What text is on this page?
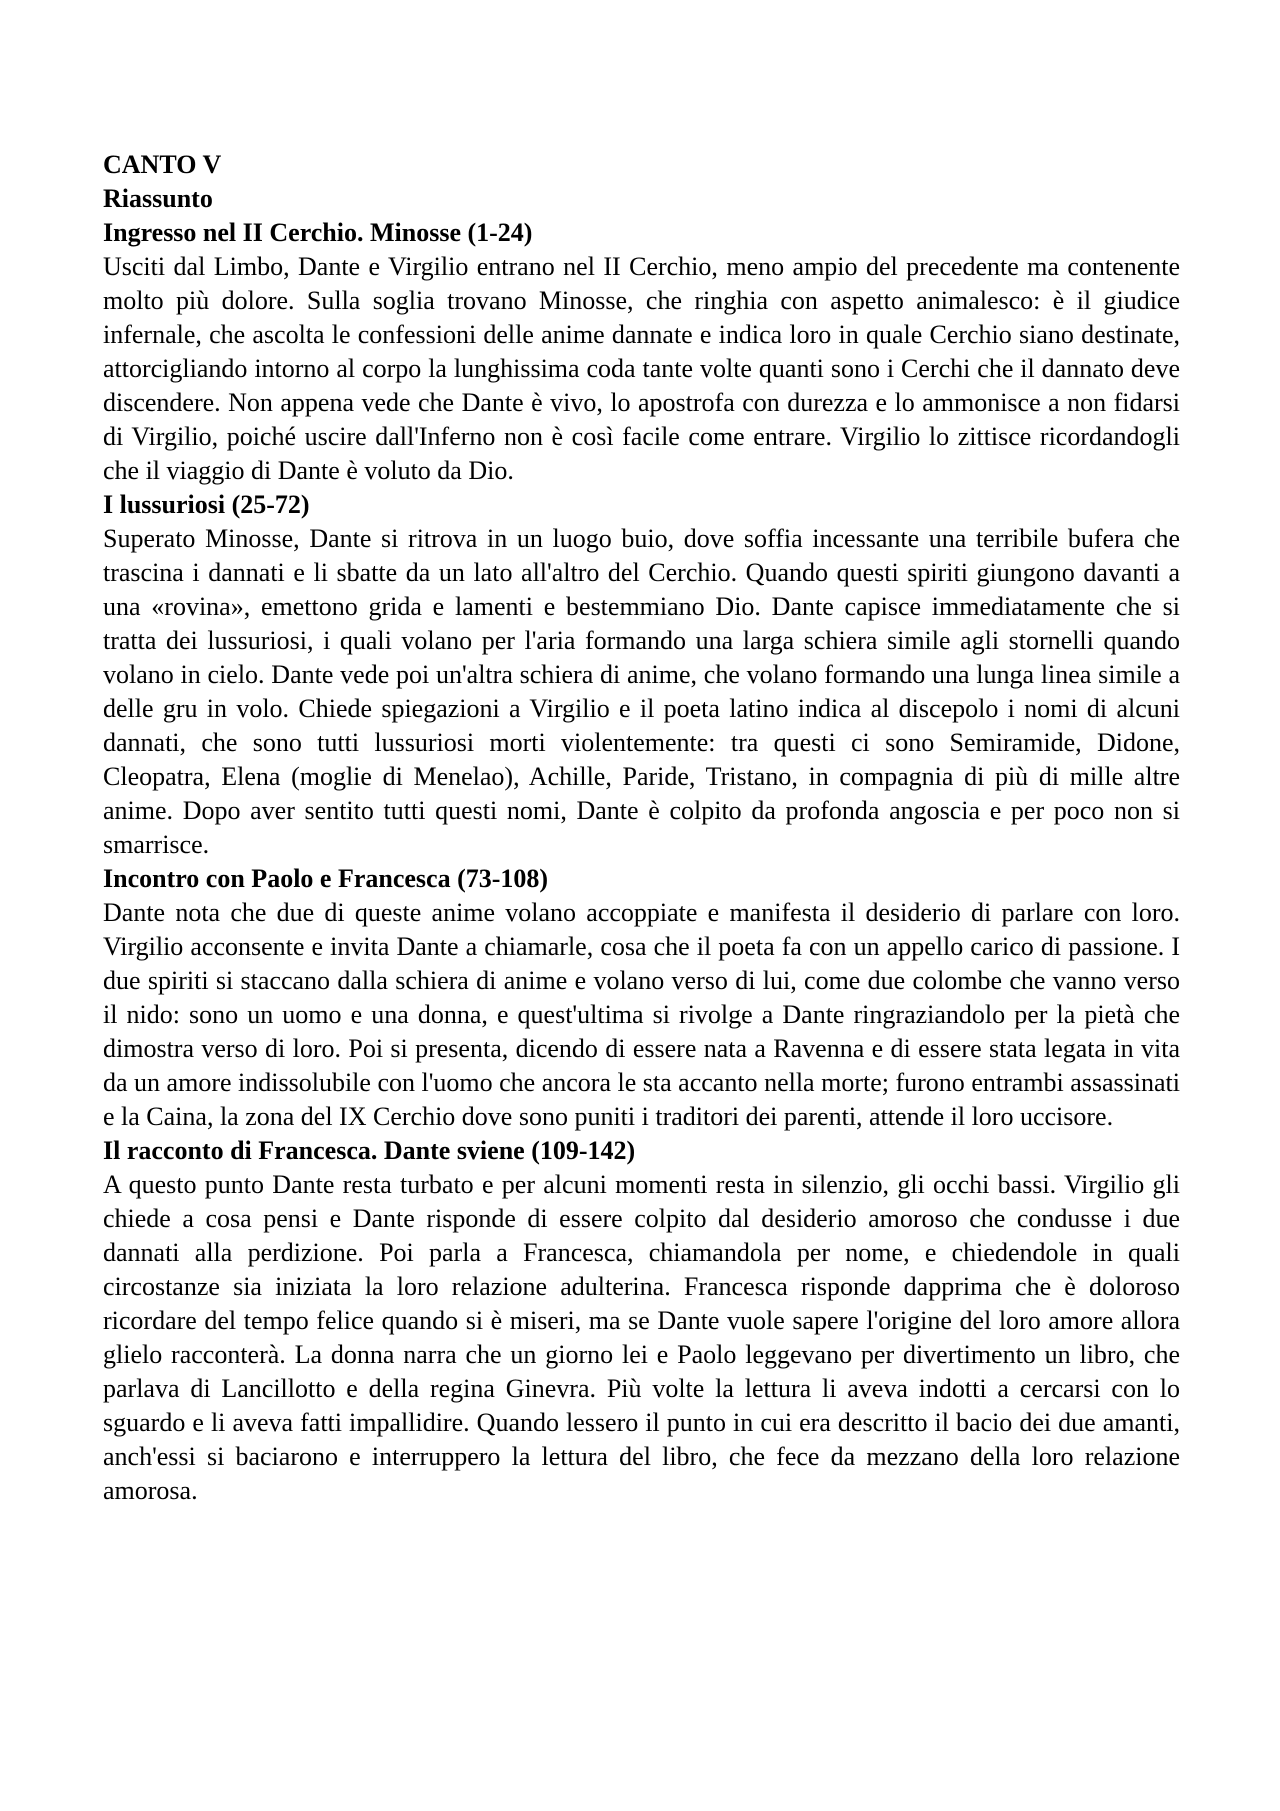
CANTO V
Riassunto
Ingresso nel II Cerchio. Minosse (1-24)

Usciti dal Limbo, Dante e Virgilio entrano nel II Cerchio, meno ampio del precedente ma contenente molto più dolore. Sulla soglia trovano Minosse, che ringhia con aspetto animalesco: è il giudice infernale, che ascolta le confessioni delle anime dannate e indica loro in quale Cerchio siano destinate, attorcigliando intorno al corpo la lunghissima coda tante volte quanti sono i Cerchi che il dannato deve discendere. Non appena vede che Dante è vivo, lo apostrofa con durezza e lo ammonisce a non fidarsi di Virgilio, poiché uscire dall'Inferno non è così facile come entrare. Virgilio lo zittisce ricordandogli che il viaggio di Dante è voluto da Dio.

I lussuriosi (25-72)

Superato Minosse, Dante si ritrova in un luogo buio, dove soffia incessante una terribile bufera che trascina i dannati e li sbatte da un lato all'altro del Cerchio. Quando questi spiriti giungono davanti a una «rovina», emettono grida e lamenti e bestemmiano Dio. Dante capisce immediatamente che si tratta dei lussuriosi, i quali volano per l'aria formando una larga schiera simile agli stornelli quando volano in cielo. Dante vede poi un'altra schiera di anime, che volano formando una lunga linea simile a delle gru in volo. Chiede spiegazioni a Virgilio e il poeta latino indica al discepolo i nomi di alcuni dannati, che sono tutti lussuriosi morti violentemente: tra questi ci sono Semiramide, Didone, Cleopatra, Elena (moglie di Menelao), Achille, Paride, Tristano, in compagnia di più di mille altre anime. Dopo aver sentito tutti questi nomi, Dante è colpito da profonda angoscia e per poco non si smarrisce.

Incontro con Paolo e Francesca (73-108)

Dante nota che due di queste anime volano accoppiate e manifesta il desiderio di parlare con loro. Virgilio acconsente e invita Dante a chiamarle, cosa che il poeta fa con un appello carico di passione. I due spiriti si staccano dalla schiera di anime e volano verso di lui, come due colombe che vanno verso il nido: sono un uomo e una donna, e quest'ultima si rivolge a Dante ringraziandolo per la pietà che dimostra verso di loro. Poi si presenta, dicendo di essere nata a Ravenna e di essere stata legata in vita da un amore indissolubile con l'uomo che ancora le sta accanto nella morte; furono entrambi assassinati e la Caina, la zona del IX Cerchio dove sono puniti i traditori dei parenti, attende il loro uccisore.

Il racconto di Francesca. Dante sviene (109-142)

A questo punto Dante resta turbato e per alcuni momenti resta in silenzio, gli occhi bassi. Virgilio gli chiede a cosa pensi e Dante risponde di essere colpito dal desiderio amoroso che condusse i due dannati alla perdizione. Poi parla a Francesca, chiamandola per nome, e chiedendole in quali circostanze sia iniziata la loro relazione adulterina. Francesca risponde dapprima che è doloroso ricordare del tempo felice quando si è miseri, ma se Dante vuole sapere l'origine del loro amore allora glielo racconterà. La donna narra che un giorno lei e Paolo leggevano per divertimento un libro, che parlava di Lancillotto e della regina Ginevra. Più volte la lettura li aveva indotti a cercarsi con lo sguardo e li aveva fatti impallidire. Quando lessero il punto in cui era descritto il bacio dei due amanti, anch'essi si baciarono e interruppero la lettura del libro, che fece da mezzano della loro relazione amorosa.
